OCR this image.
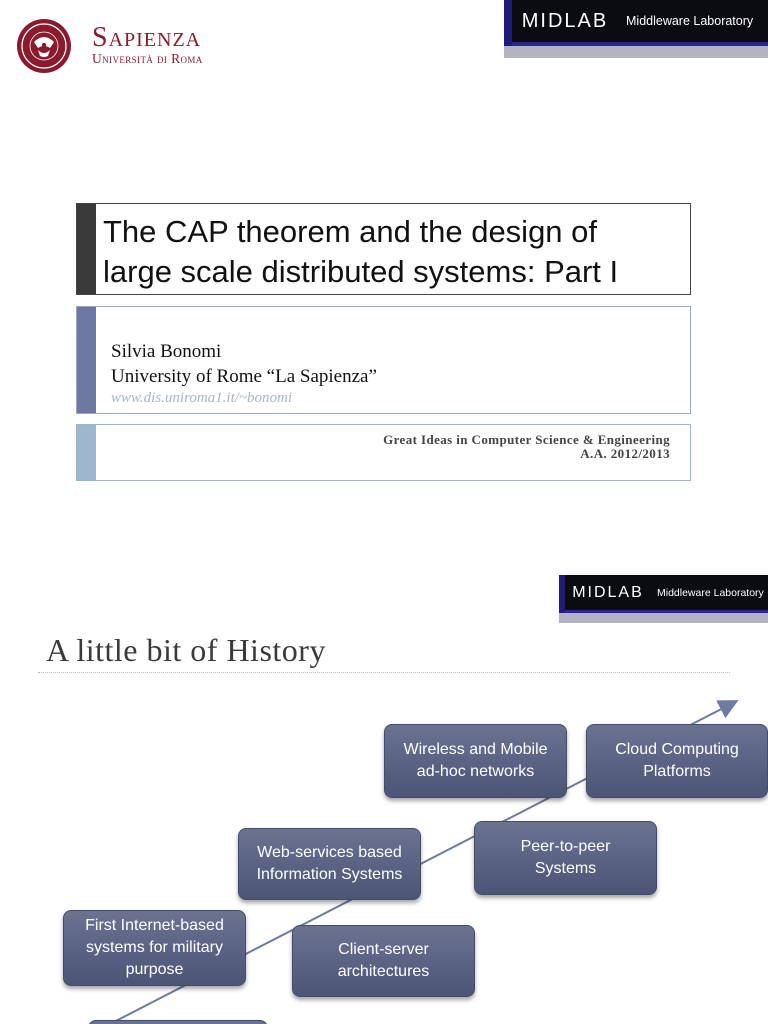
Sapienza
Università di Roma
MIDLAB	Middleware Laboratory
The CAP theorem and the design of
large scale distributed systems: Part I
Silvia Bonomi
University of Rome “La Sapienza”
www.dis.uniroma1.it/~bonomi
Great Ideas in Computer Science & Engineering
A.A. 2012/2013
MIDLAB	Middleware Laboratory
A little bit of History
Wireless and Mobile ad-hoc networks
Cloud Computing Platforms
Web-services based Information Systems
Peer-to-peer Systems
First Internet-based systems for military purpose
Client-server architectures
